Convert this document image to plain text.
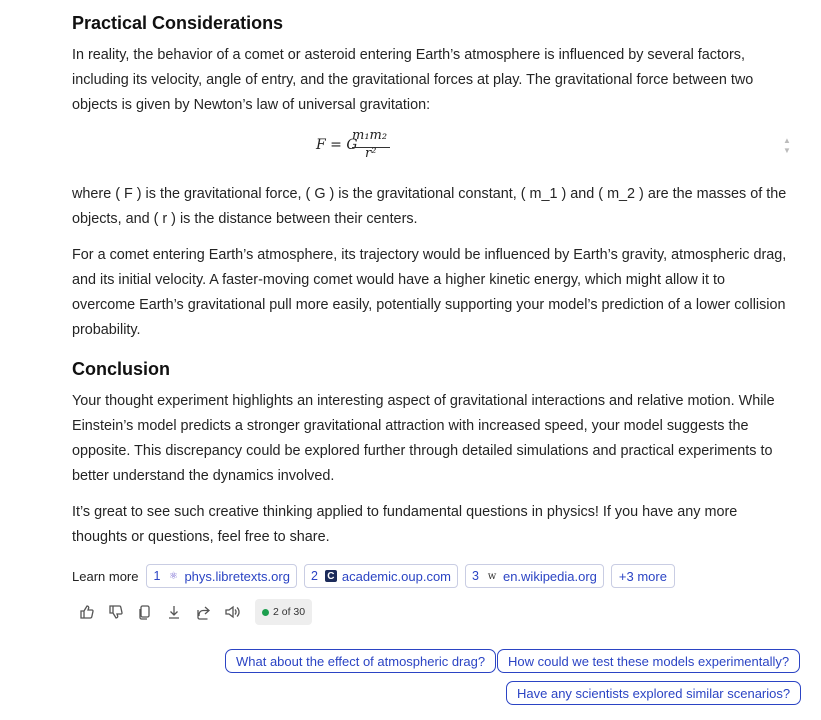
Practical Considerations

In reality, the behavior of a comet or asteroid entering Earth’s atmosphere is influenced by several factors, including its velocity, angle of entry, and the gravitational forces at play. The gravitational force between two objects is given by Newton’s law of universal gravitation:

where ( F ) is the gravitational force, ( G ) is the gravitational constant, ( m_1 ) and ( m_2 ) are the masses of the objects, and ( r ) is the distance between their centers.

For a comet entering Earth’s atmosphere, its trajectory would be influenced by Earth’s gravity, atmospheric drag, and its initial velocity. A faster-moving comet would have a higher kinetic energy, which might allow it to overcome Earth’s gravitational pull more easily, potentially supporting your model’s prediction of a lower collision probability.

Conclusion

Your thought experiment highlights an interesting aspect of gravitational interactions and relative motion. While Einstein’s model predicts a stronger gravitational attraction with increased speed, your model suggests the opposite. This discrepancy could be explored further through detailed simulations and practical experiments to better understand the dynamics involved.

It’s great to see such creative thinking applied to fundamental questions in physics! If you have any more thoughts or questions, feel free to share.

F = G
m₁m₂
r²
▲
▼
Learn more 1 ⚛ phys.libretexts.org 2 C academic.oup.com 3 w en.wikipedia.org	+3 more
2 of 30
What about the effect of atmospheric drag?	How could we test these models experimentally?
Have any scientists explored similar scenarios?
